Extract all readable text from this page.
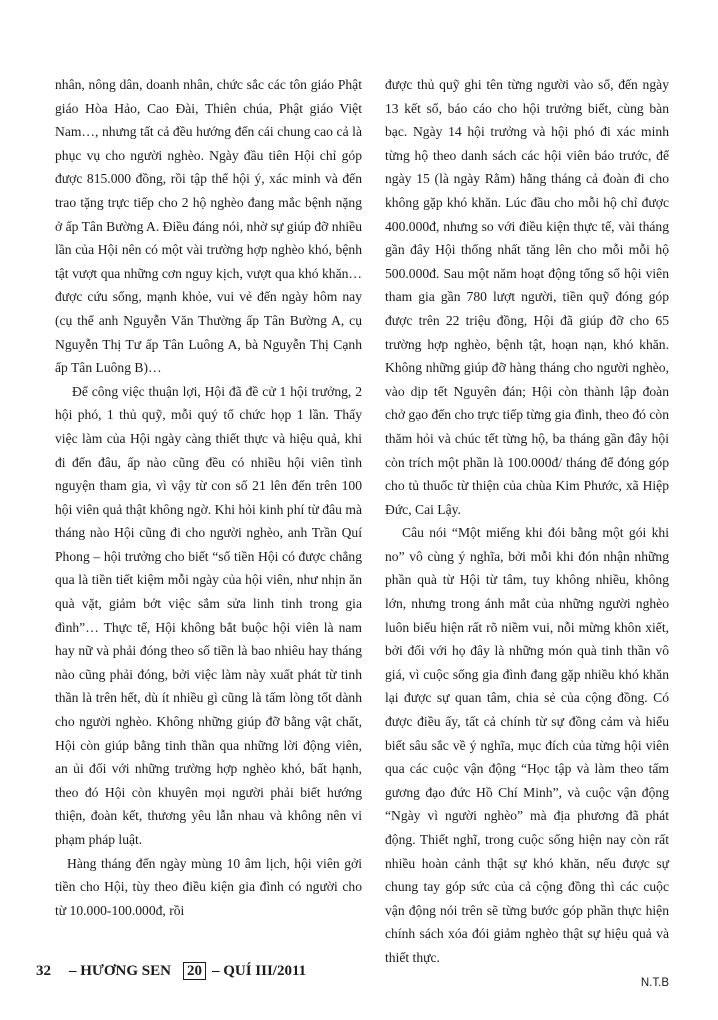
nhân, nông dân, doanh nhân, chức sắc các tôn giáo Phật giáo Hòa Hảo, Cao Đài, Thiên chúa, Phật giáo Việt Nam…, nhưng tất cả đều hướng đến cái chung cao cả là phục vụ cho người nghèo. Ngày đầu tiên Hội chỉ góp được 815.000 đồng, rồi tập thể hội ý, xác minh và đến trao tặng trực tiếp cho 2 hộ nghèo đang mắc bệnh nặng ở ấp Tân Bường A. Điều đáng nói, nhờ sự giúp đỡ nhiều lần của Hội nên có một vài trường hợp nghèo khó, bệnh tật vượt qua những cơn nguy kịch, vượt qua khó khăn… được cứu sống, mạnh khỏe, vui vẻ đến ngày hôm nay (cụ thể anh Nguyễn Văn Thường ấp Tân Bường A, cụ Nguyễn Thị Tư ấp Tân Luông A, bà Nguyễn Thị Cạnh ấp Tân Luông B)…

Để công việc thuận lợi, Hội đã đề cử 1 hội trưởng, 2 hội phó, 1 thủ quỹ, mỗi quý tổ chức họp 1 lần. Thấy việc làm của Hội ngày càng thiết thực và hiệu quả, khi đi đến đâu, ấp nào cũng đều có nhiều hội viên tình nguyện tham gia, vì vậy từ con số 21 lên đến trên 100 hội viên quả thật không ngờ. Khi hỏi kinh phí từ đâu mà tháng nào Hội cũng đi cho người nghèo, anh Trần Quí Phong – hội trưởng cho biết “số tiền Hội có được chẳng qua là tiền tiết kiệm mỗi ngày của hội viên, như nhịn ăn quà vặt, giảm bớt việc sắm sửa linh tinh trong gia đình”… Thực tế, Hội không bắt buộc hội viên là nam hay nữ và phải đóng theo số tiền là bao nhiêu hay tháng nào cũng phải đóng, bởi việc làm này xuất phát từ tinh thần là trên hết, dù ít nhiều gì cũng là tấm lòng tốt dành cho người nghèo. Không những giúp đỡ bằng vật chất, Hội còn giúp bằng tinh thần qua những lời động viên, an ủi đối với những trường hợp nghèo khó, bất hạnh, theo đó Hội còn khuyên mọi người phải biết hướng thiện, đoàn kết, thương yêu lẫn nhau và không nên vi phạm pháp luật.

Hàng tháng đến ngày mùng 10 âm lịch, hội viên gởi tiền cho Hội, tùy theo điều kiện gia đình có người cho từ 10.000-100.000đ, rồi

được thủ quỹ ghi tên từng người vào sổ, đến ngày 13 kết sổ, báo cáo cho hội trưởng biết, cùng bàn bạc. Ngày 14 hội trưởng và hội phó đi xác minh từng hộ theo danh sách các hội viên báo trước, để ngày 15 (là ngày Rằm) hằng tháng cả đoàn đi cho không gặp khó khăn. Lúc đầu cho mỗi hộ chỉ được 400.000đ, nhưng so với điều kiện thực tế, vài tháng gần đây Hội thống nhất tăng lên cho mỗi mỗi hộ 500.000đ. Sau một năm hoạt động tổng số hội viên tham gia gần 780 lượt người, tiền quỹ đóng góp được trên 22 triệu đồng, Hội đã giúp đỡ cho 65 trường hợp nghèo, bệnh tật, hoạn nạn, khó khăn. Không những giúp đỡ hàng tháng cho người nghèo, vào dịp tết Nguyên đán; Hội còn thành lập đoàn chở gạo đến cho trực tiếp từng gia đình, theo đó còn thăm hỏi và chúc tết từng hộ, ba tháng gần đây hội còn trích một phần là 100.000đ/ tháng để đóng góp cho tủ thuốc từ thiện của chùa Kim Phước, xã Hiệp Đức, Cai Lậy.

Câu nói “Một miếng khi đói bằng một gói khi no” vô cùng ý nghĩa, bởi mỗi khi đón nhận những phần quà từ Hội từ tâm, tuy không nhiều, không lớn, nhưng trong ánh mắt của những người nghèo luôn biểu hiện rất rõ niềm vui, nỗi mừng khôn xiết, bởi đối với họ đây là những món quà tinh thần vô giá, vì cuộc sống gia đình đang gặp nhiều khó khăn lại được sự quan tâm, chia sẻ của cộng đồng. Có được điều ấy, tất cả chính từ sự đồng cảm và hiểu biết sâu sắc về ý nghĩa, mục đích của từng hội viên qua các cuộc vận động “Học tập và làm theo tấm gương đạo đức Hồ Chí Minh”, và cuộc vận động “Ngày vì người nghèo” mà địa phương đã phát động. Thiết nghĩ, trong cuộc sống hiện nay còn rất nhiều hoàn cảnh thật sự khó khăn, nếu được sự chung tay góp sức của cả cộng đồng thì các cuộc vận động nói trên sẽ từng bước góp phần thực hiện chính sách xóa đói giảm nghèo thật sự hiệu quả và thiết thực.

N.T.B
32 – HƯƠNG SEN 20 – QUÍ III/2011
